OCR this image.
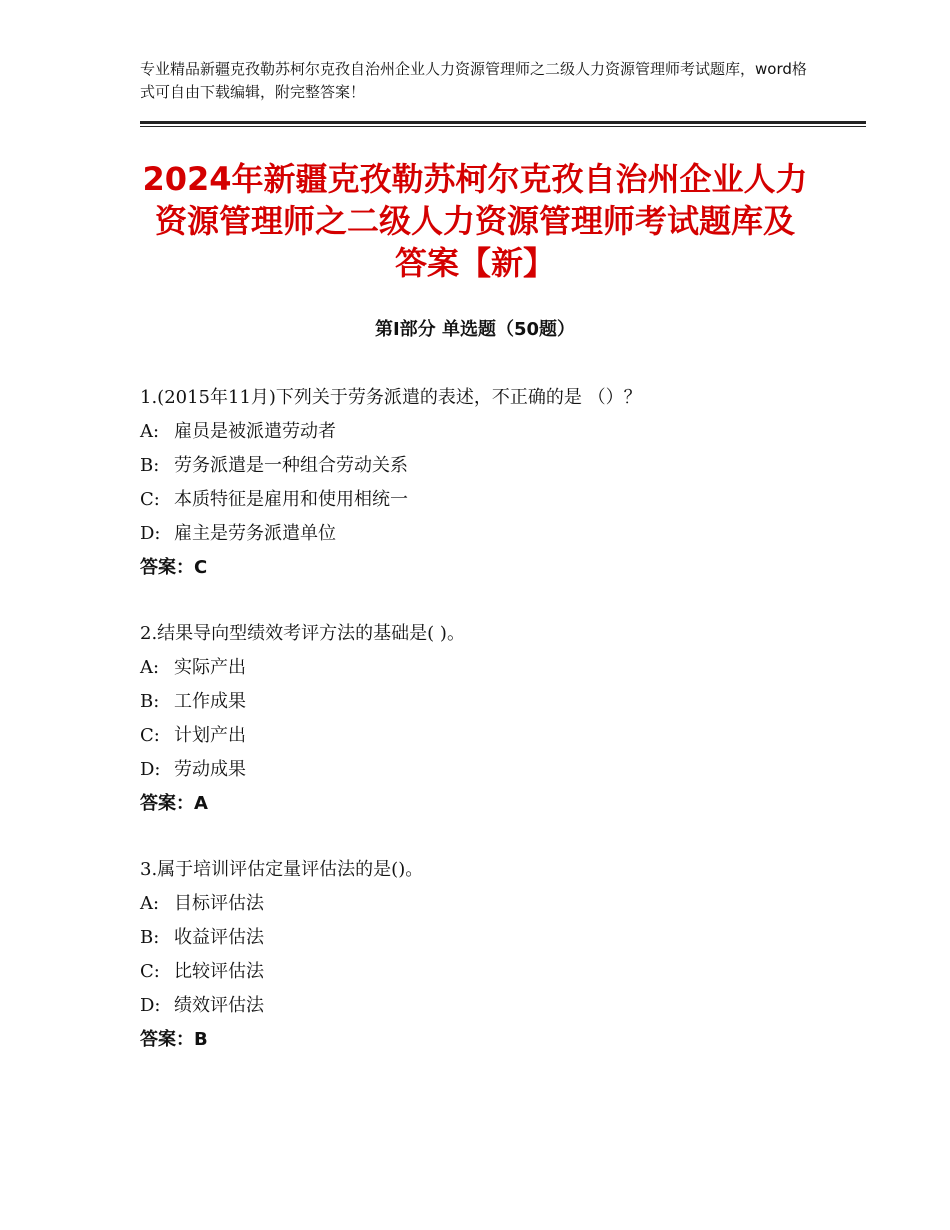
专业精品新疆克孜勒苏柯尔克孜自治州企业人力资源管理师之二级人力资源管理师考试题库，word格式可自由下载编辑，附完整答案！
2024年新疆克孜勒苏柯尔克孜自治州企业人力资源管理师之二级人力资源管理师考试题库及答案【新】
第Ⅰ部分 单选题（50题）
1.(2015年11月)下列关于劳务派遣的表述，不正确的是 （）？
A: 雇员是被派遣劳动者
B: 劳务派遣是一种组合劳动关系
C: 本质特征是雇用和使用相统一
D: 雇主是劳务派遣单位
答案：C
2.结果导向型绩效考评方法的基础是( )。
A: 实际产出
B: 工作成果
C: 计划产出
D: 劳动成果
答案：A
3.属于培训评估定量评估法的是()。
A: 目标评估法
B: 收益评估法
C: 比较评估法
D: 绩效评估法
答案：B
